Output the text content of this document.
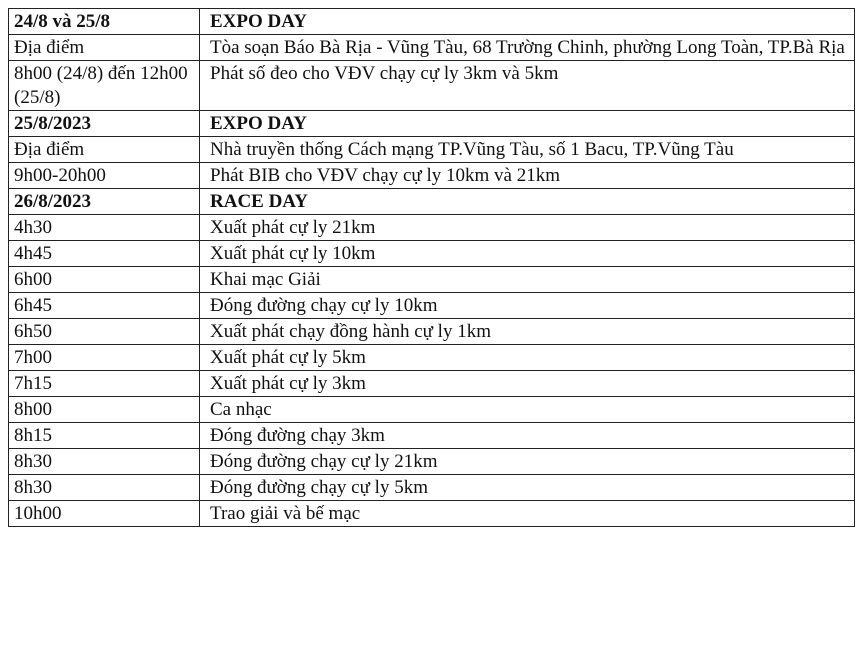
24/8 và 25/8	EXPO DAY
Địa điểm	Tòa soạn Báo Bà Rịa - Vũng Tàu, 68 Trường Chinh, phường Long Toàn, TP.Bà Rịa
8h00 (24/8) đến 12h00 (25/8)	Phát số đeo cho VĐV chạy cự ly 3km và 5km
25/8/2023	EXPO DAY
Địa điểm	Nhà truyền thống Cách mạng TP.Vũng Tàu, số 1 Bacu, TP.Vũng Tàu
9h00-20h00	Phát BIB cho VĐV chạy cự ly 10km và 21km
26/8/2023	RACE DAY
4h30	Xuất phát cự ly 21km
4h45	Xuất phát cự ly 10km
6h00	Khai mạc Giải
6h45	Đóng đường chạy cự ly 10km
6h50	Xuất phát chạy đồng hành cự ly 1km
7h00	Xuất phát cự ly 5km
7h15	Xuất phát cự ly 3km
8h00	Ca nhạc
8h15	Đóng đường chạy 3km
8h30	Đóng đường chạy cự ly 21km
8h30	Đóng đường chạy cự ly 5km
10h00	Trao giải và bế mạc
